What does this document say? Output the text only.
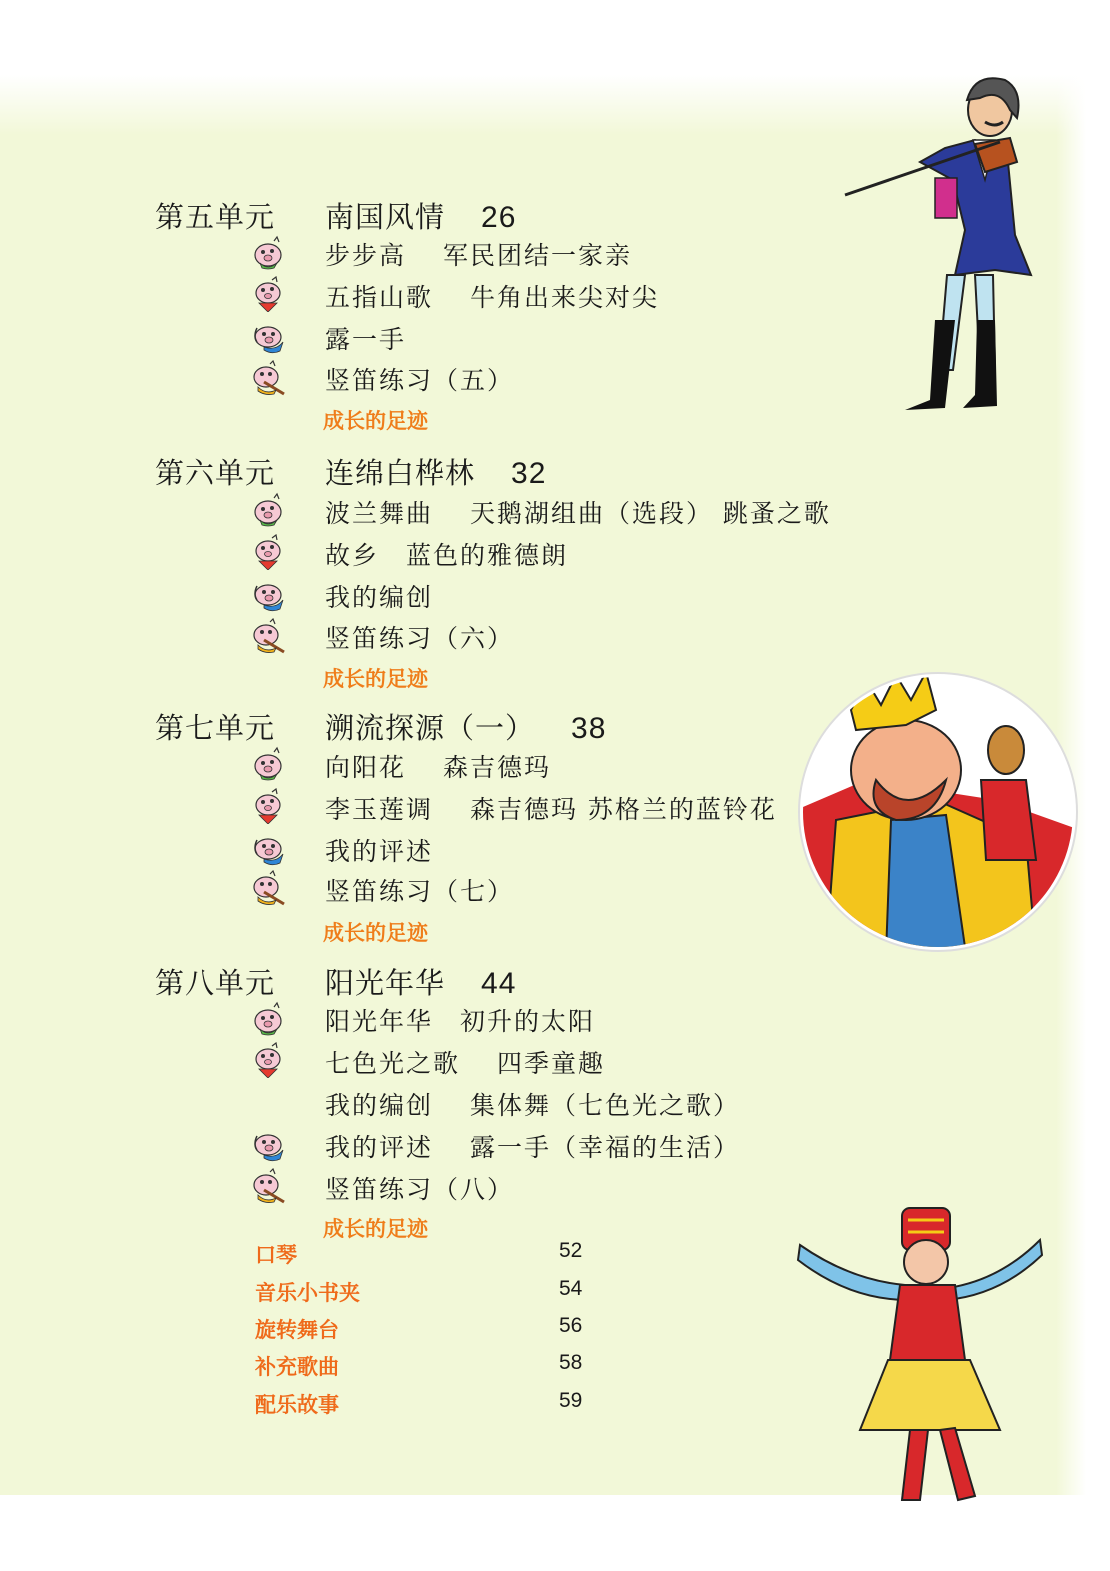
第五单元 南国风情 26
步步高　 军民团结一家亲
五指山歌　 牛角出来尖对尖
露一手
竖笛练习（五）
成长的足迹
第六单元 连绵白桦林 32
波兰舞曲　 天鹅湖组曲（选段） 跳蚤之歌
故乡　蓝色的雅德朗
我的编创
竖笛练习（六）
成长的足迹
第七单元 溯流探源（一） 38
向阳花　 森吉德玛
李玉莲调　 森吉德玛 苏格兰的蓝铃花
我的评述
竖笛练习（七）
成长的足迹
第八单元 阳光年华 44
阳光年华　初升的太阳
七色光之歌　 四季童趣
我的编创　 集体舞（七色光之歌）
我的评述　 露一手（幸福的生活）
竖笛练习（八）
成长的足迹
口琴	52
音乐小书夹	54
旋转舞台	56
补充歌曲	58
配乐故事	59
